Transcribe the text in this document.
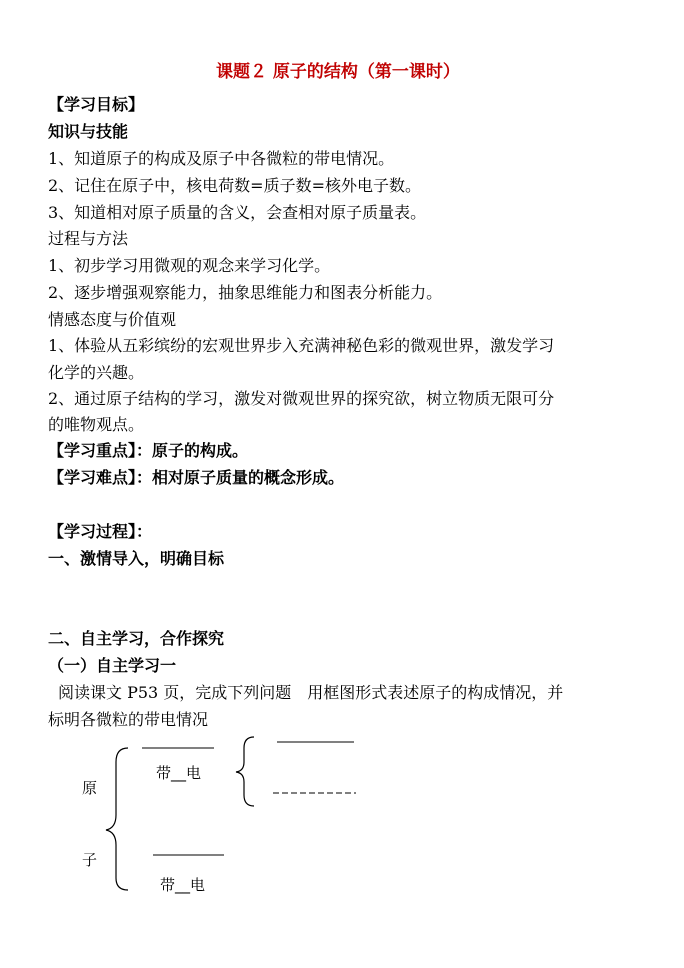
课题２ 原子的结构（第一课时）
【学习目标】
知识与技能
1、知道原子的构成及原子中各微粒的带电情况。
2、记住在原子中，核电荷数=质子数=核外电子数。
3、知道相对原子质量的含义，会查相对原子质量表。
过程与方法
1、初步学习用微观的观念来学习化学。
2、逐步增强观察能力，抽象思维能力和图表分析能力。
情感态度与价值观
1、体验从五彩缤纷的宏观世界步入充满神秘色彩的微观世界，激发学习
化学的兴趣。
2、通过原子结构的学习，激发对微观世界的探究欲，树立物质无限可分
的唯物观点。
【学习重点】：原子的构成。
【学习难点】：相对原子质量的概念形成。
【学习过程】：
一、激情导入，明确目标
二、自主学习，合作探究
（一）自主学习一
阅读课文 P53 页，完成下列问题　用框图形式表述原子的构成情况，并
标明各微粒的带电情况
带__电
原
子
带__电
